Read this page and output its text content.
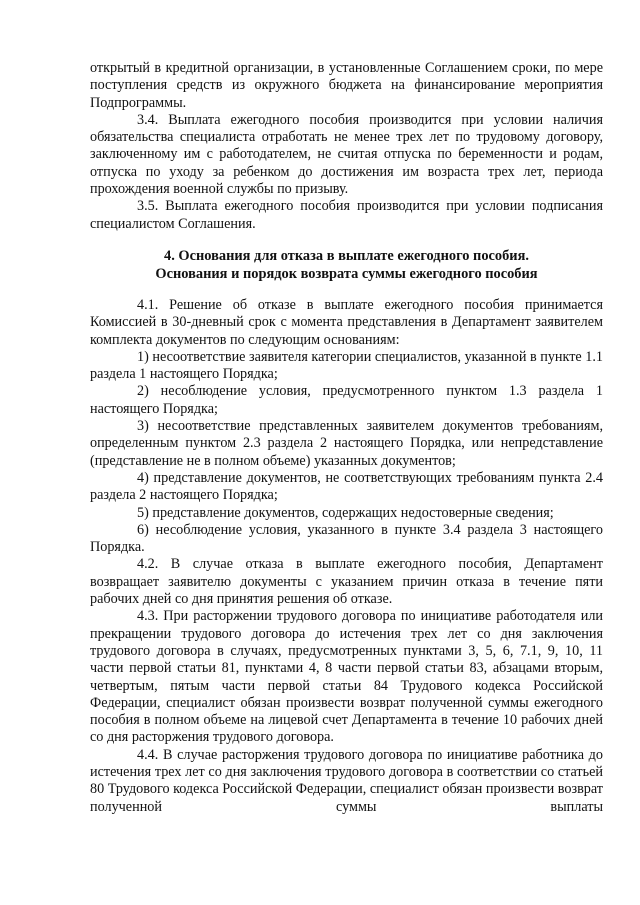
открытый в кредитной организации, в установленные Соглашением сроки, по мере поступления средств из окружного бюджета на финансирование мероприятия Подпрограммы.

3.4. Выплата ежегодного пособия производится при условии наличия обязательства специалиста отработать не менее трех лет по трудовому договору, заключенному им с работодателем, не считая отпуска по беременности и родам, отпуска по уходу за ребенком до достижения им возраста трех лет, периода прохождения военной службы по призыву.

3.5. Выплата ежегодного пособия производится при условии подписания специалистом Соглашения.

4. Основания для отказа в выплате ежегодного пособия.
Основания и порядок возврата суммы ежегодного пособия

4.1. Решение об отказе в выплате ежегодного пособия принимается Комиссией в 30-дневный срок с момента представления в Департамент заявителем комплекта документов по следующим основаниям:

1) несоответствие заявителя категории специалистов, указанной в пункте 1.1 раздела 1 настоящего Порядка;

2) несоблюдение условия, предусмотренного пунктом 1.3 раздела 1 настоящего Порядка;

3) несоответствие представленных заявителем документов требованиям, определенным пунктом 2.3 раздела 2 настоящего Порядка, или непредставление (представление не в полном объеме) указанных документов;

4) представление документов, не соответствующих требованиям пункта 2.4 раздела 2 настоящего Порядка;

5) представление документов, содержащих недостоверные сведения;

6) несоблюдение условия, указанного в пункте 3.4 раздела 3 настоящего Порядка.

4.2. В случае отказа в выплате ежегодного пособия, Департамент возвращает заявителю документы с указанием причин отказа в течение пяти рабочих дней со дня принятия решения об отказе.

4.3. При расторжении трудового договора по инициативе работодателя или прекращении трудового договора до истечения трех лет со дня заключения трудового договора в случаях, предусмотренных пунктами 3, 5, 6, 7.1, 9, 10, 11 части первой статьи 81, пунктами 4, 8 части первой статьи 83, абзацами вторым, четвертым, пятым части первой статьи 84 Трудового кодекса Российской Федерации, специалист обязан произвести возврат полученной суммы ежегодного пособия в полном объеме на лицевой счет Департамента в течение 10 рабочих дней со дня расторжения трудового договора.

4.4. В случае расторжения трудового договора по инициативе работника до истечения трех лет со дня заключения трудового договора в соответствии со статьей 80 Трудового кодекса Российской Федерации, специалист обязан произвести возврат полученной суммы выплаты
